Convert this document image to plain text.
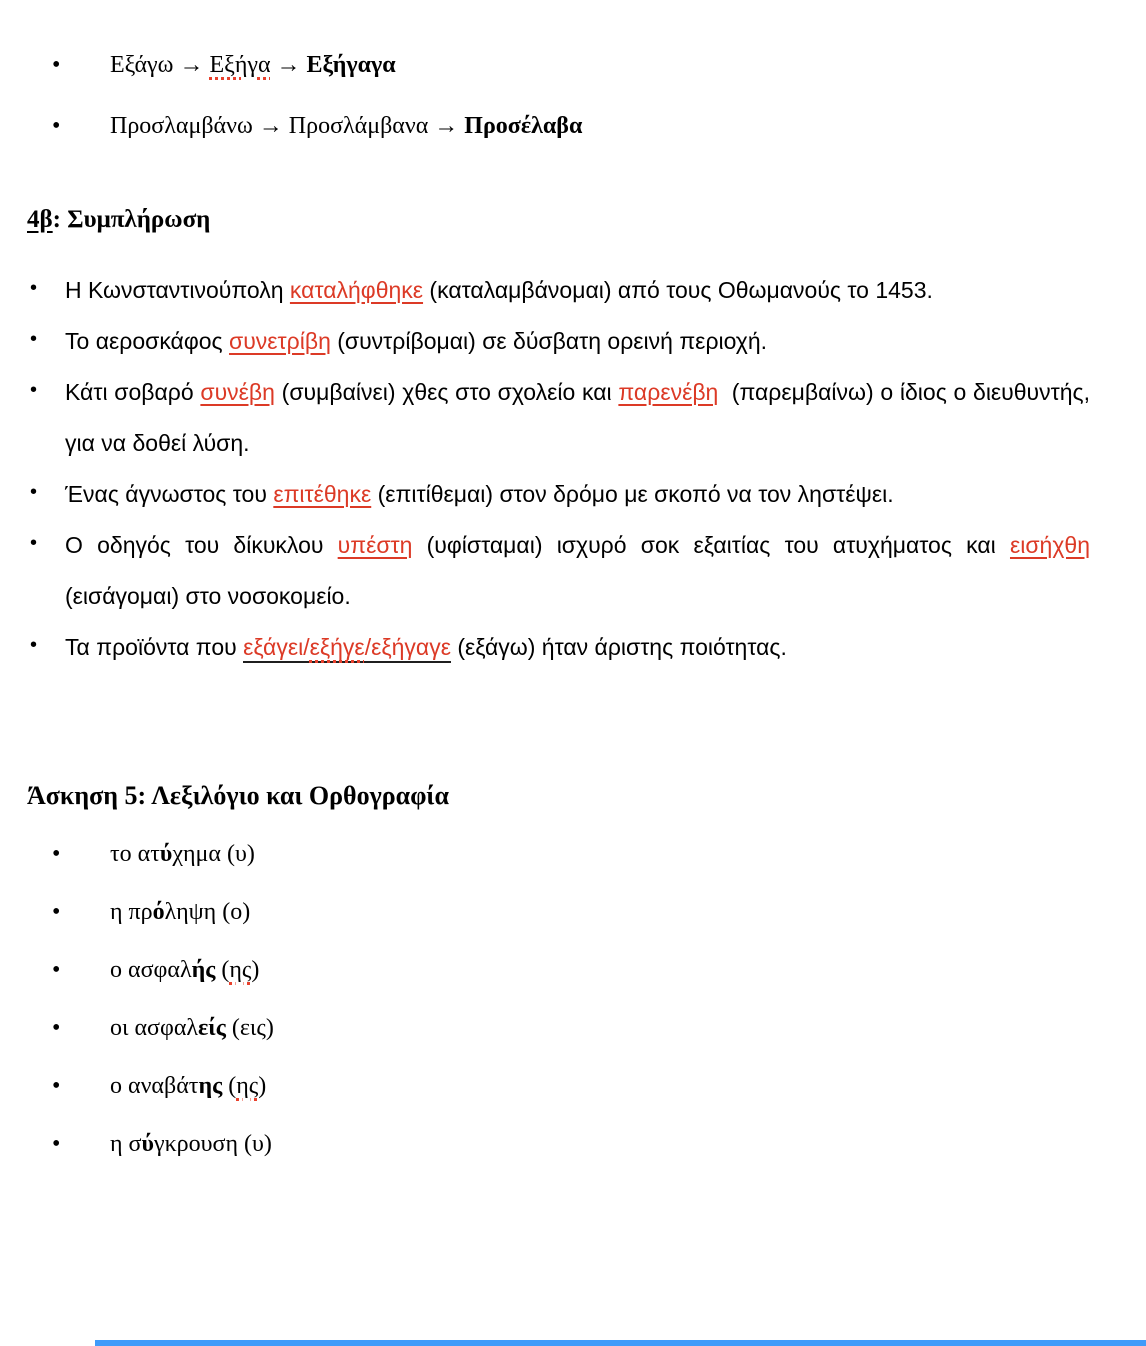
• Εξάγω → Εξήγα → Εξήγαγα
• Προσλαμβάνω → Προσλάμβανα → Προσέλαβα
4β: Συμπλήρωση
• Η Κωνσταντινούπολη καταλήφθηκε (καταλαμβάνομαι) από τους Οθωμανούς το 1453.
• Το αεροσκάφος συνετρίβη (συντρίβομαι) σε δύσβατη ορεινή περιοχή.
• Κάτι σοβαρό συνέβη (συμβαίνει) χθες στο σχολείο και παρενέβη  (παρεμβαίνω) ο ίδιος ο διευθυντής, για να δοθεί λύση.
• Ένας άγνωστος του επιτέθηκε (επιτίθεμαι) στον δρόμο με σκοπό να τον ληστέψει.
• Ο οδηγός του δίκυκλου υπέστη (υφίσταμαι) ισχυρό σοκ εξαιτίας του ατυχήματος και εισήχθη (εισάγομαι) στο νοσοκομείο.
• Τα προϊόντα που εξάγει/εξήγε/εξήγαγε (εξάγω) ήταν άριστης ποιότητας.
Άσκηση 5: Λεξιλόγιο και Ορθογραφία
• το ατύχημα (υ)
• η πρόληψη (ο)
• ο ασφαλής (ης)
• οι ασφαλείς (εις)
• ο αναβάτης (ης)
• η σύγκρουση (υ)
